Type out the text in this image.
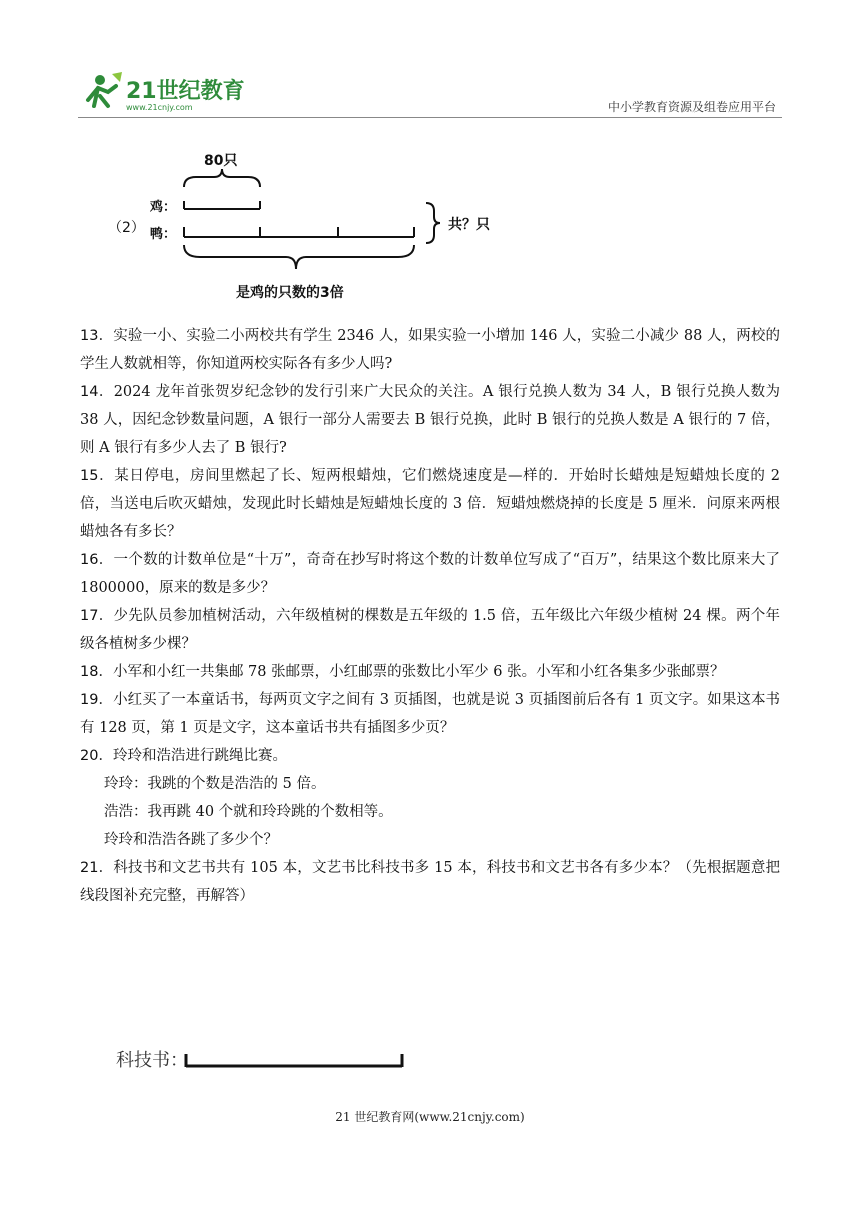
21世纪教育
www.21cnjy.com	中小学教育资源及组卷应用平台
（2）
80只
鸡：
鸭：
共？只
是鸡的只数的3倍

13．实验一小、实验二小两校共有学生 2346 人，如果实验一小增加 146 人，实验二小减少 88 人，两校的学生人数就相等，你知道两校实际各有多少人吗?

14．2024 龙年首张贺岁纪念钞的发行引来广大民众的关注。A 银行兑换人数为 34 人，B 银行兑换人数为 38 人，因纪念钞数量问题，A 银行一部分人需要去 B 银行兑换，此时 B 银行的兑换人数是 A 银行的 7 倍，则 A 银行有多少人去了 B 银行?

15．某日停电，房间里燃起了长、短两根蜡烛，它们燃烧速度是—样的．开始时长蜡烛是短蜡烛长度的 2 倍，当送电后吹灭蜡烛，发现此时长蜡烛是短蜡烛长度的 3 倍．短蜡烛燃烧掉的长度是 5 厘米．问原来两根蜡烛各有多长？

16．一个数的计数单位是“十万”，奇奇在抄写时将这个数的计数单位写成了“百万”，结果这个数比原来大了 1800000，原来的数是多少？

17．少先队员参加植树活动，六年级植树的棵数是五年级的 1.5 倍，五年级比六年级少植树 24 棵。两个年级各植树多少棵？

18．小军和小红一共集邮 78 张邮票，小红邮票的张数比小军少 6 张。小军和小红各集多少张邮票？

19．小红买了一本童话书，每两页文字之间有 3 页插图，也就是说 3 页插图前后各有 1 页文字。如果这本书有 128 页，第 1 页是文字，这本童话书共有插图多少页？

20．玲玲和浩浩进行跳绳比赛。

玲玲：我跳的个数是浩浩的 5 倍。

浩浩：我再跳 40 个就和玲玲跳的个数相等。

玲玲和浩浩各跳了多少个？

21．科技书和文艺书共有 105 本，文艺书比科技书多 15 本，科技书和文艺书各有多少本？（先根据题意把线段图补充完整，再解答）

科技书：
21 世纪教育网(www.21cnjy.com)
